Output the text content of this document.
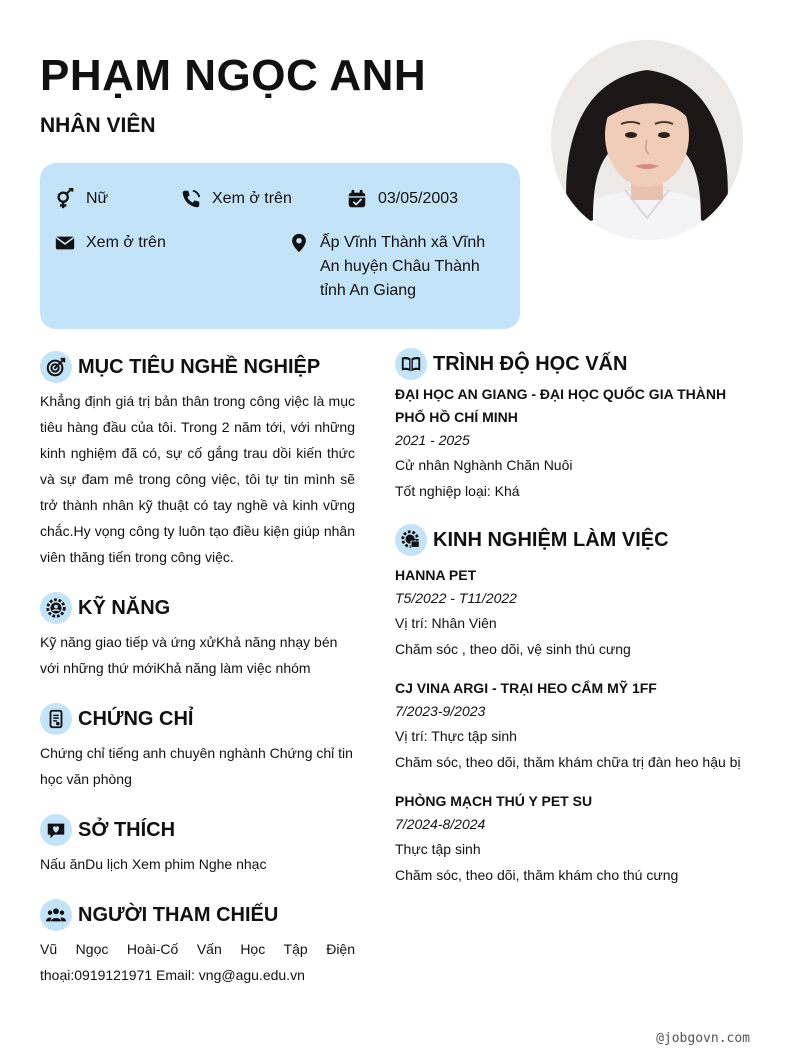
PHẠM NGỌC ANH
NHÂN VIÊN
Nữ	Xem ở trên	03/05/2003
Xem ở trên	Ấp Vĩnh Thành xã Vĩnh An huyện Châu Thành tỉnh An Giang
MỤC TIÊU NGHỀ NGHIỆP
Khẳng định giá trị bản thân trong công việc là mục tiêu hàng đầu của tôi. Trong 2 năm tới, với những kinh nghiệm đã có, sự cố gắng trau dồi kiến thức và sự đam mê trong công việc, tôi tự tin mình sẽ trở thành nhân kỹ thuật có tay nghề và kinh vững chắc.Hy vọng công ty luôn tạo điều kiện giúp nhân viên thăng tiến trong công việc.
KỸ NĂNG
Kỹ năng giao tiếp và ứng xửKhả năng nhạy bén với những thứ mớiKhả năng làm việc nhóm
CHỨNG CHỈ
Chứng chỉ tiếng anh chuyên nghành Chứng chỉ tin học văn phòng
SỞ THÍCH
Nấu ănDu lịch Xem phim Nghe nhạc
NGƯỜI THAM CHIẾU
Vũ Ngọc Hoài-Cố Vấn Học Tập Điện thoại:0919121971 Email: vng@agu.edu.vn
TRÌNH ĐỘ HỌC VẤN
ĐẠI HỌC AN GIANG - ĐẠI HỌC QUỐC GIA THÀNH PHỐ HỒ CHÍ MINH
2021 - 2025
Cử nhân Nghành Chăn Nuôi
Tốt nghiệp loại: Khá
KINH NGHIỆM LÀM VIỆC
HANNA PET
T5/2022 - T11/2022
Vị trí: Nhân Viên
Chăm sóc , theo dõi, vệ sinh thú cưng
CJ VINA ARGI - TRẠI HEO CẨM MỸ 1FF
7/2023-9/2023
Vị trí: Thực tập sinh
Chăm sóc, theo dõi, thăm khám chữa trị đàn heo hậu bị
PHÒNG MẠCH THÚ Y PET SU
7/2024-8/2024
Thực tập sinh
Chăm sóc, theo dõi, thăm khám cho thú cưng
@jobgovn.com
